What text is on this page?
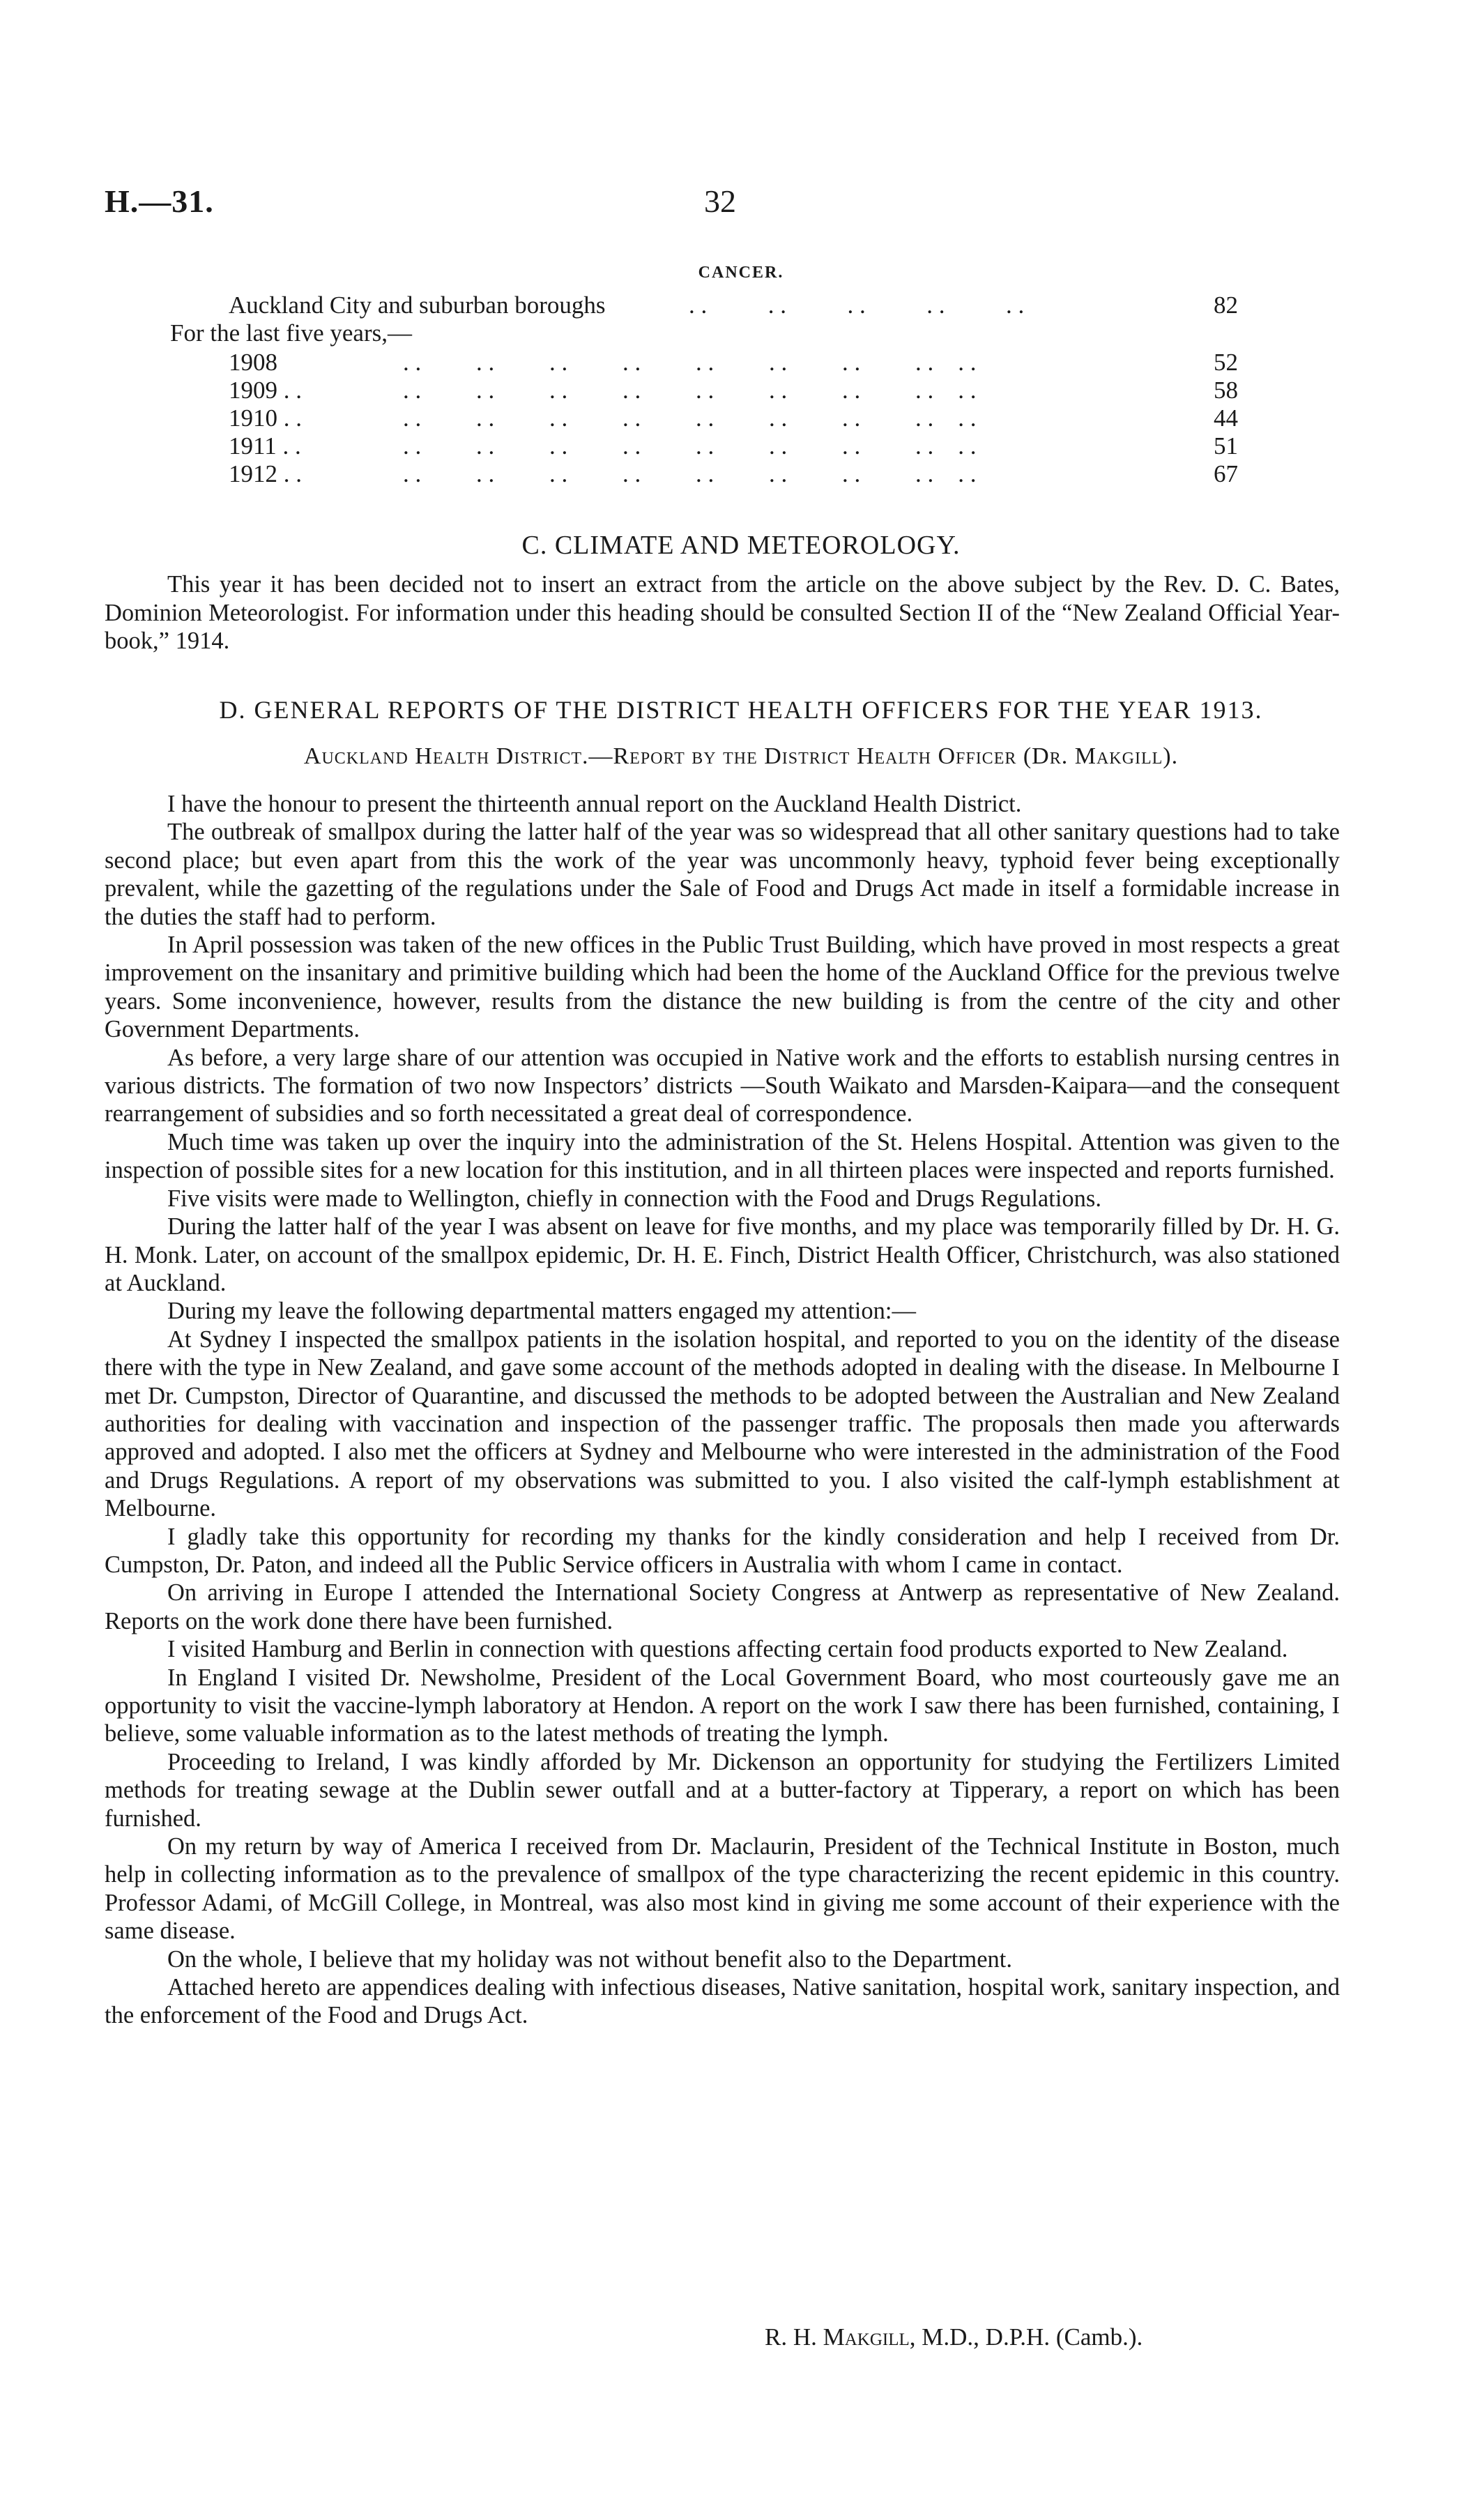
H.—31.	32
CANCER.
Auckland City and suburban boroughs	. .          . .          . .          . .          . .	82
For the last five years,—
1908	. .         . .         . .         . .         . .         . .         . .         . .    . .	52
1909 . .	. .         . .         . .         . .         . .         . .         . .         . .    . .	58
1910 . .	. .         . .         . .         . .         . .         . .         . .         . .    . .	44
1911 . .	. .         . .         . .         . .         . .         . .         . .         . .    . .	51
1912 . .	. .         . .         . .         . .         . .         . .         . .         . .    . .	67
C. CLIMATE AND METEOROLOGY.
This year it has been decided not to insert an extract from the article on the above subject by the Rev. D. C. Bates, Dominion Meteorologist. For information under this heading should be consulted Section II of the “New Zealand Official Year-book,” 1914.
D. GENERAL REPORTS OF THE DISTRICT HEALTH OFFICERS FOR THE YEAR 1913.
Auckland Health District.—Report by the District Health Officer (Dr. Makgill).

I have the honour to present the thirteenth annual report on the Auckland Health District.

The outbreak of smallpox during the latter half of the year was so widespread that all other sanitary questions had to take second place; but even apart from this the work of the year was uncommonly heavy, typhoid fever being exceptionally prevalent, while the gazetting of the regulations under the Sale of Food and Drugs Act made in itself a formidable increase in the duties the staff had to perform.

In April possession was taken of the new offices in the Public Trust Building, which have proved in most respects a great improvement on the insanitary and primitive building which had been the home of the Auckland Office for the previous twelve years. Some inconvenience, however, results from the distance the new building is from the centre of the city and other Government Departments.

As before, a very large share of our attention was occupied in Native work and the efforts to establish nursing centres in various districts. The formation of two now Inspectors’ districts —South Waikato and Marsden-Kaipara—and the consequent rearrangement of subsidies and so forth necessitated a great deal of correspondence.

Much time was taken up over the inquiry into the administration of the St. Helens Hospital. Attention was given to the inspection of possible sites for a new location for this institution, and in all thirteen places were inspected and reports furnished.

Five visits were made to Wellington, chiefly in connection with the Food and Drugs Regulations.

During the latter half of the year I was absent on leave for five months, and my place was temporarily filled by Dr. H. G. H. Monk. Later, on account of the smallpox epidemic, Dr. H. E. Finch, District Health Officer, Christchurch, was also stationed at Auckland.

During my leave the following departmental matters engaged my attention:—

At Sydney I inspected the smallpox patients in the isolation hospital, and reported to you on the identity of the disease there with the type in New Zealand, and gave some account of the methods adopted in dealing with the disease. In Melbourne I met Dr. Cumpston, Director of Quarantine, and discussed the methods to be adopted between the Australian and New Zealand authorities for dealing with vaccination and inspection of the passenger traffic. The proposals then made you afterwards approved and adopted. I also met the officers at Sydney and Melbourne who were interested in the administration of the Food and Drugs Regulations. A report of my observations was submitted to you. I also visited the calf-lymph establishment at Melbourne.

I gladly take this opportunity for recording my thanks for the kindly consideration and help I received from Dr. Cumpston, Dr. Paton, and indeed all the Public Service officers in Australia with whom I came in contact.

On arriving in Europe I attended the International Society Congress at Antwerp as representative of New Zealand. Reports on the work done there have been furnished.

I visited Hamburg and Berlin in connection with questions affecting certain food products exported to New Zealand.

In England I visited Dr. Newsholme, President of the Local Government Board, who most courteously gave me an opportunity to visit the vaccine-lymph laboratory at Hendon. A report on the work I saw there has been furnished, containing, I believe, some valuable information as to the latest methods of treating the lymph.

Proceeding to Ireland, I was kindly afforded by Mr. Dickenson an opportunity for studying the Fertilizers Limited methods for treating sewage at the Dublin sewer outfall and at a butter-factory at Tipperary, a report on which has been furnished.

On my return by way of America I received from Dr. Maclaurin, President of the Technical Institute in Boston, much help in collecting information as to the prevalence of smallpox of the type characterizing the recent epidemic in this country. Professor Adami, of McGill College, in Montreal, was also most kind in giving me some account of their experience with the same disease.

On the whole, I believe that my holiday was not without benefit also to the Department.

Attached hereto are appendices dealing with infectious diseases, Native sanitation, hospital work, sanitary inspection, and the enforcement of the Food and Drugs Act.

R. H. Makgill, M.D., D.P.H. (Camb.).
